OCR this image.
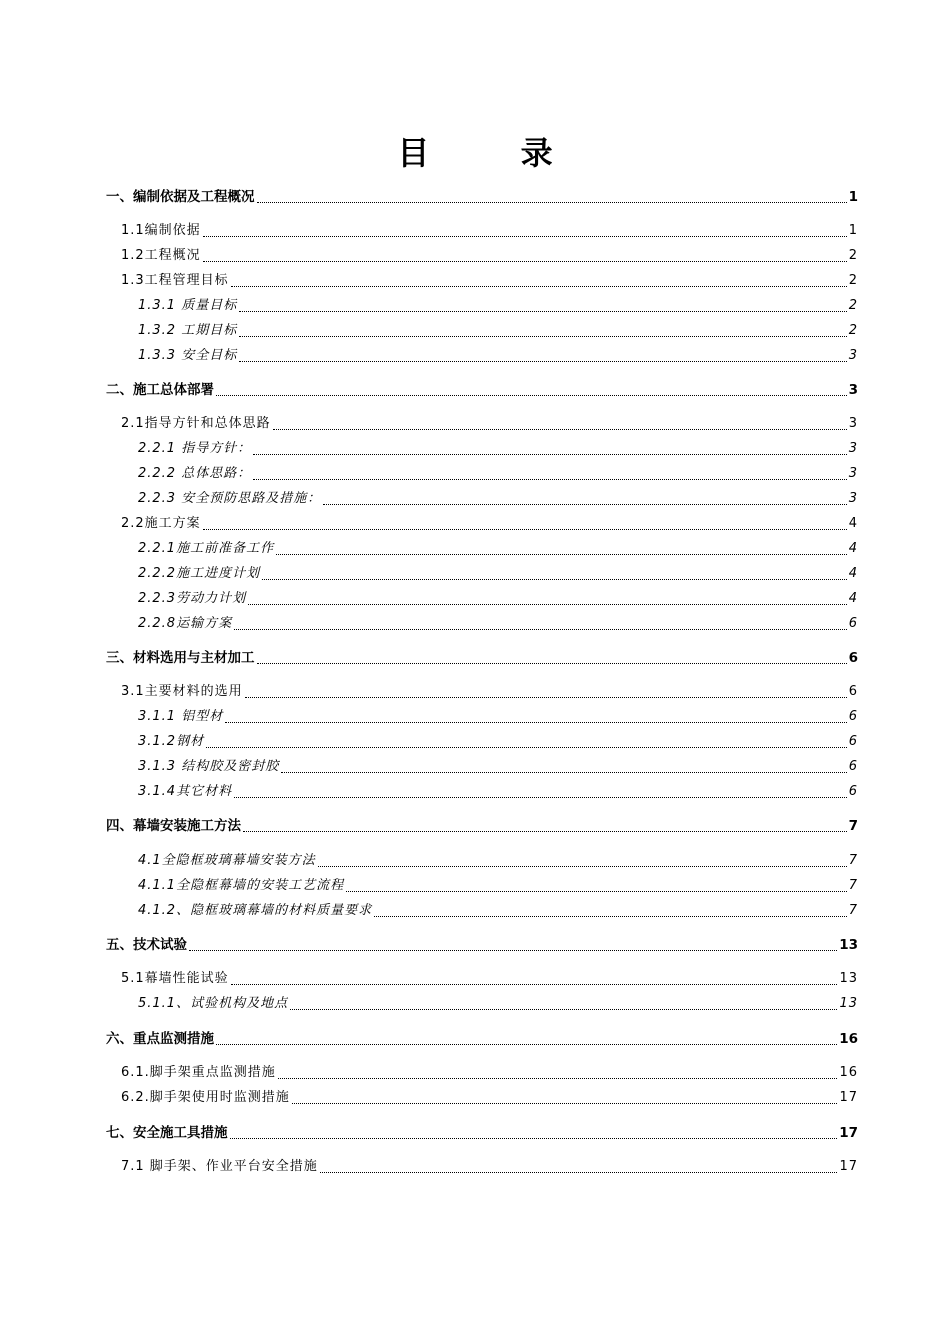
目 录
一、编制依据及工程概况	1
1.1编制依据	1
1.2工程概况	2
1.3工程管理目标	2
1.3.1 质量目标	2
1.3.2 工期目标	2
1.3.3 安全目标	3
二、施工总体部署	3
2.1指导方针和总体思路	3
2.2.1 指导方针：	3
2.2.2 总体思路：	3
2.2.3 安全预防思路及措施：	3
2.2施工方案	4
2.2.1施工前准备工作	4
2.2.2施工进度计划	4
2.2.3劳动力计划	4
2.2.8运输方案	6
三、材料选用与主材加工	6
3.1主要材料的选用	6
3.1.1 铝型材	6
3.1.2钢材	6
3.1.3 结构胶及密封胶	6
3.1.4其它材料	6
四、幕墙安装施工方法	7
4.1全隐框玻璃幕墙安装方法	7
4.1.1全隐框幕墙的安装工艺流程	7
4.1.2、隐框玻璃幕墙的材料质量要求	7
五、技术试验	13
5.1幕墙性能试验	13
5.1.1、试验机构及地点	13
六、重点监测措施	16
6.1.脚手架重点监测措施	16
6.2.脚手架使用时监测措施	17
七、安全施工具措施	17
7.1 脚手架、作业平台安全措施	17
